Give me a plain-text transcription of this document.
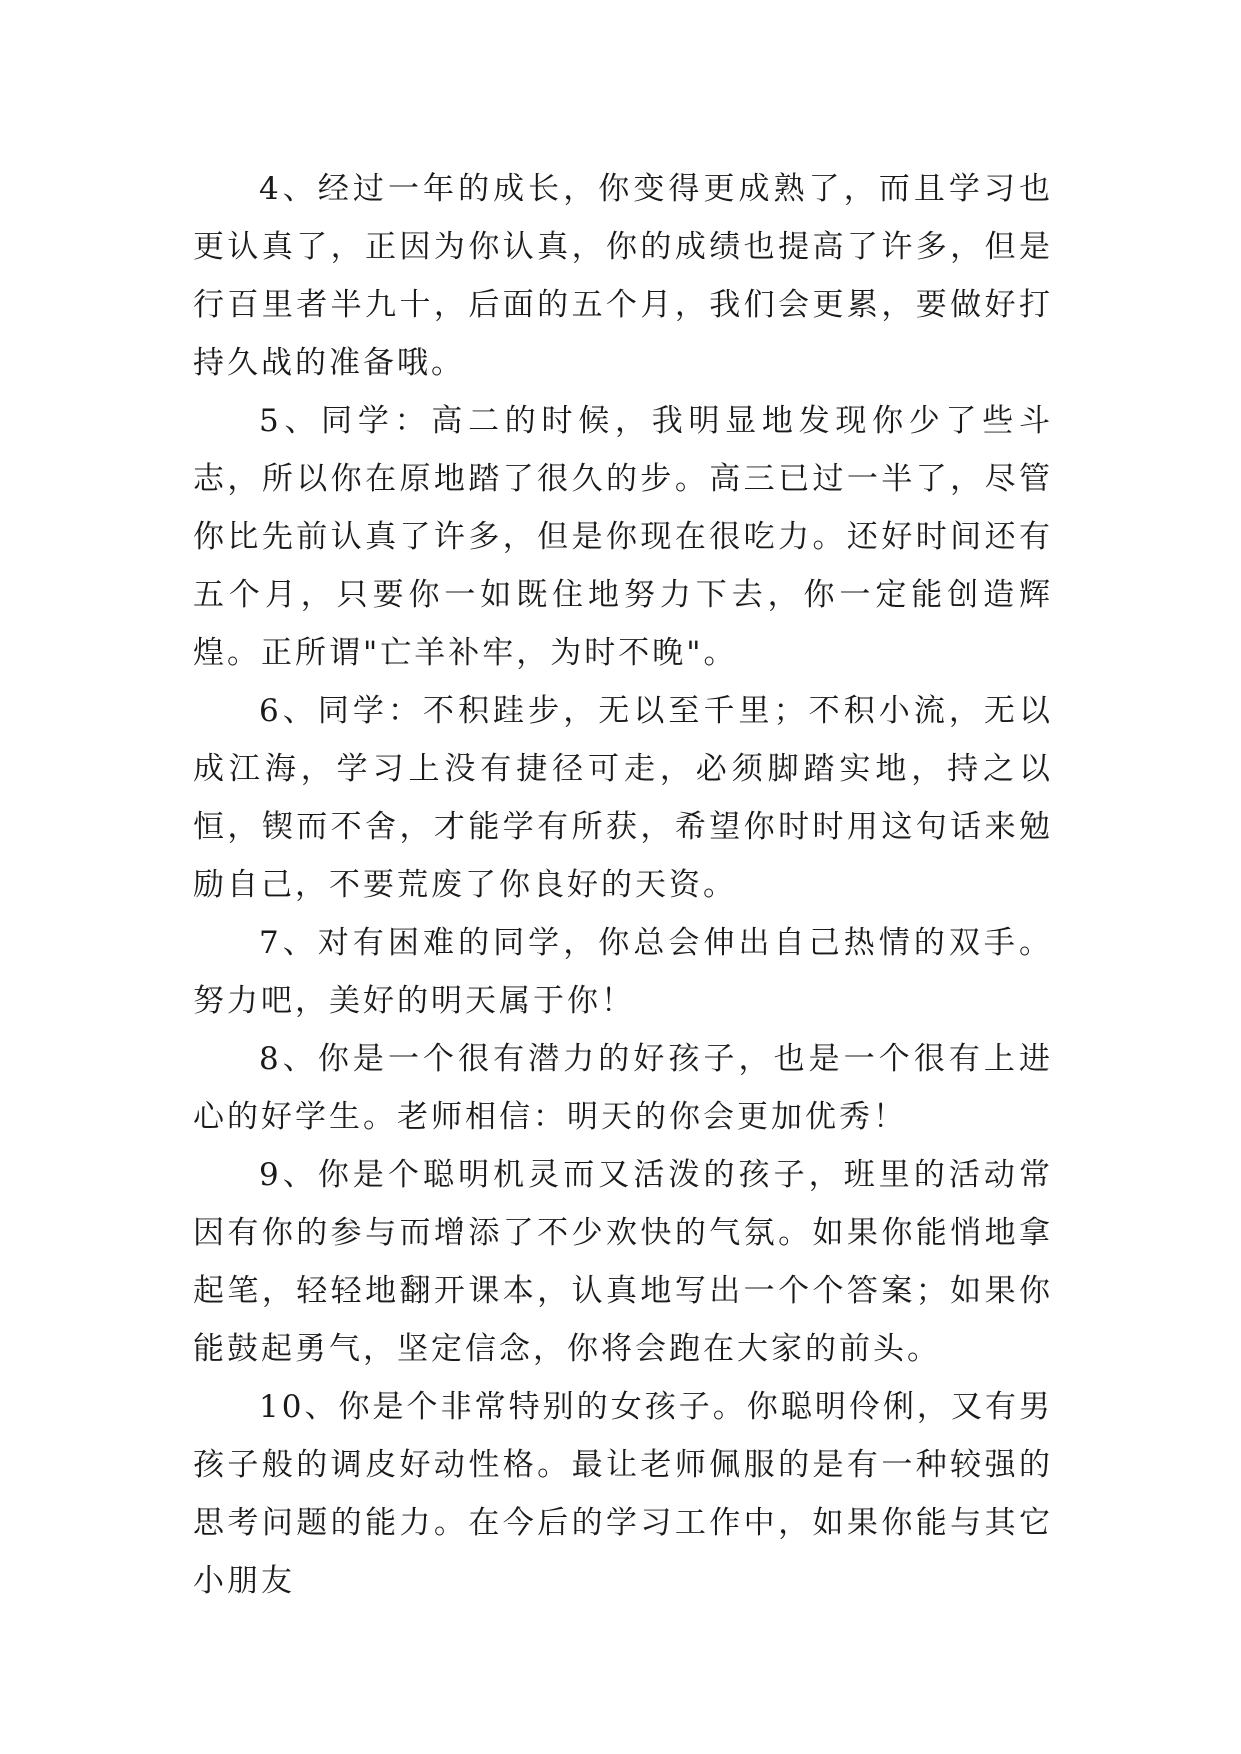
4、经过一年的成长，你变得更成熟了，而且学习也更认真了，正因为你认真，你的成绩也提高了许多，但是行百里者半九十，后面的五个月，我们会更累，要做好打持久战的准备哦。

5、同学：高二的时候，我明显地发现你少了些斗志，所以你在原地踏了很久的步。高三已过一半了，尽管你比先前认真了许多，但是你现在很吃力。还好时间还有五个月，只要你一如既住地努力下去，你一定能创造辉煌。正所谓"亡羊补牢，为时不晚"。

6、同学：不积跬步，无以至千里；不积小流，无以成江海，学习上没有捷径可走，必须脚踏实地，持之以恒，锲而不舍，才能学有所获，希望你时时用这句话来勉励自己，不要荒废了你良好的天资。

7、对有困难的同学，你总会伸出自己热情的双手。努力吧，美好的明天属于你！

8、你是一个很有潜力的好孩子，也是一个很有上进心的好学生。老师相信：明天的你会更加优秀！

9、你是个聪明机灵而又活泼的孩子，班里的活动常因有你的参与而增添了不少欢快的气氛。如果你能悄地拿起笔，轻轻地翻开课本，认真地写出一个个答案；如果你能鼓起勇气，坚定信念，你将会跑在大家的前头。

10、你是个非常特别的女孩子。你聪明伶俐，又有男孩子般的调皮好动性格。最让老师佩服的是有一种较强的思考问题的能力。在今后的学习工作中，如果你能与其它小朋友
